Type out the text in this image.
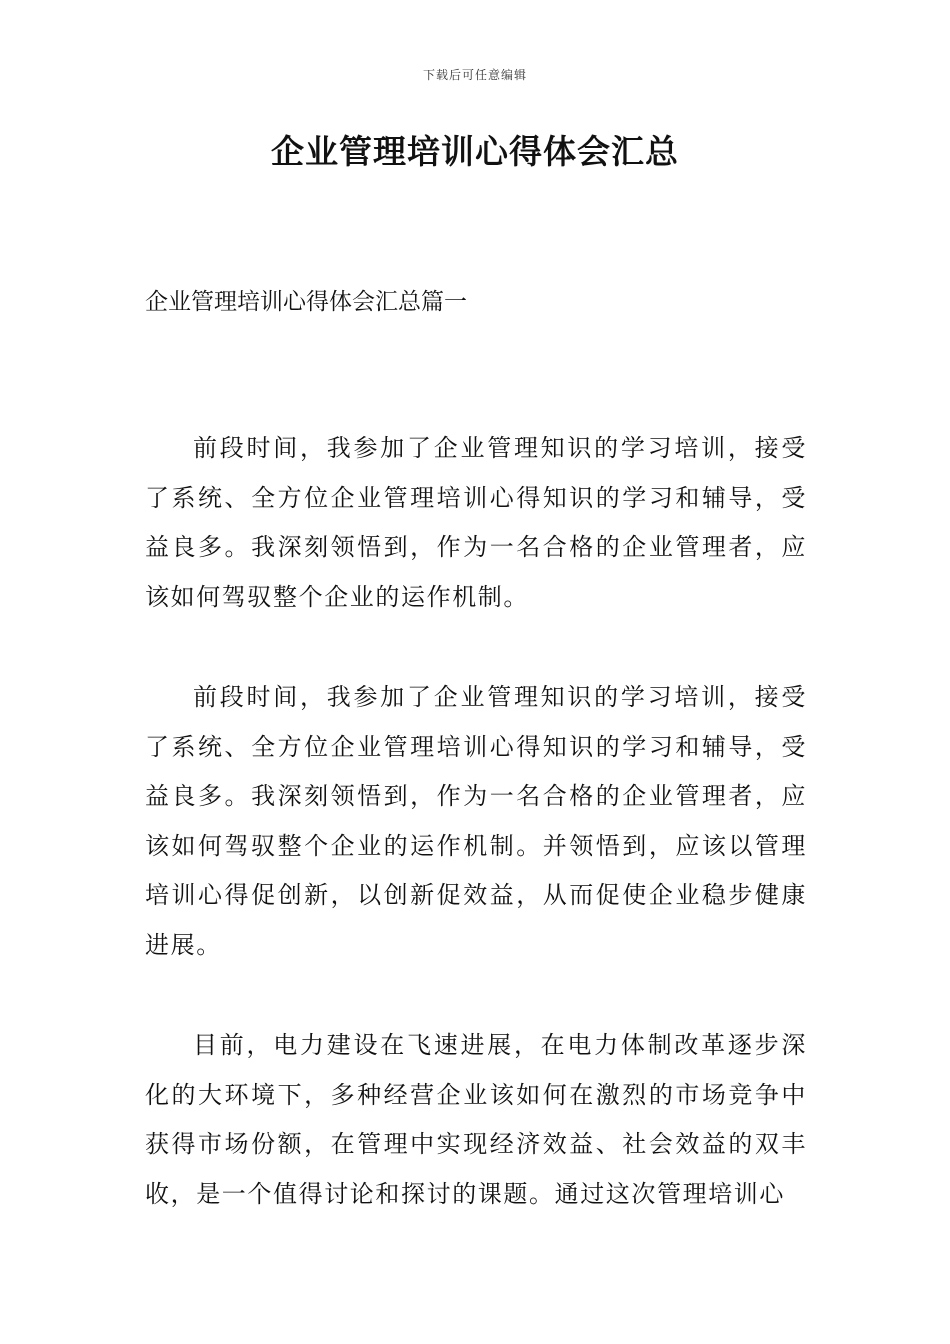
下载后可任意编辑
企业管理培训心得体会汇总
企业管理培训心得体会汇总篇一

前段时间，我参加了企业管理知识的学习培训，接受了系统、全方位企业管理培训心得知识的学习和辅导，受益良多。我深刻领悟到，作为一名合格的企业管理者，应该如何驾驭整个企业的运作机制。

前段时间，我参加了企业管理知识的学习培训，接受了系统、全方位企业管理培训心得知识的学习和辅导，受益良多。我深刻领悟到，作为一名合格的企业管理者，应该如何驾驭整个企业的运作机制。并领悟到，应该以管理培训心得促创新，以创新促效益，从而促使企业稳步健康进展。

目前，电力建设在飞速进展，在电力体制改革逐步深化的大环境下，多种经营企业该如何在激烈的市场竞争中获得市场份额，在管理中实现经济效益、社会效益的双丰收，是一个值得讨论和探讨的课题。通过这次管理培训心
